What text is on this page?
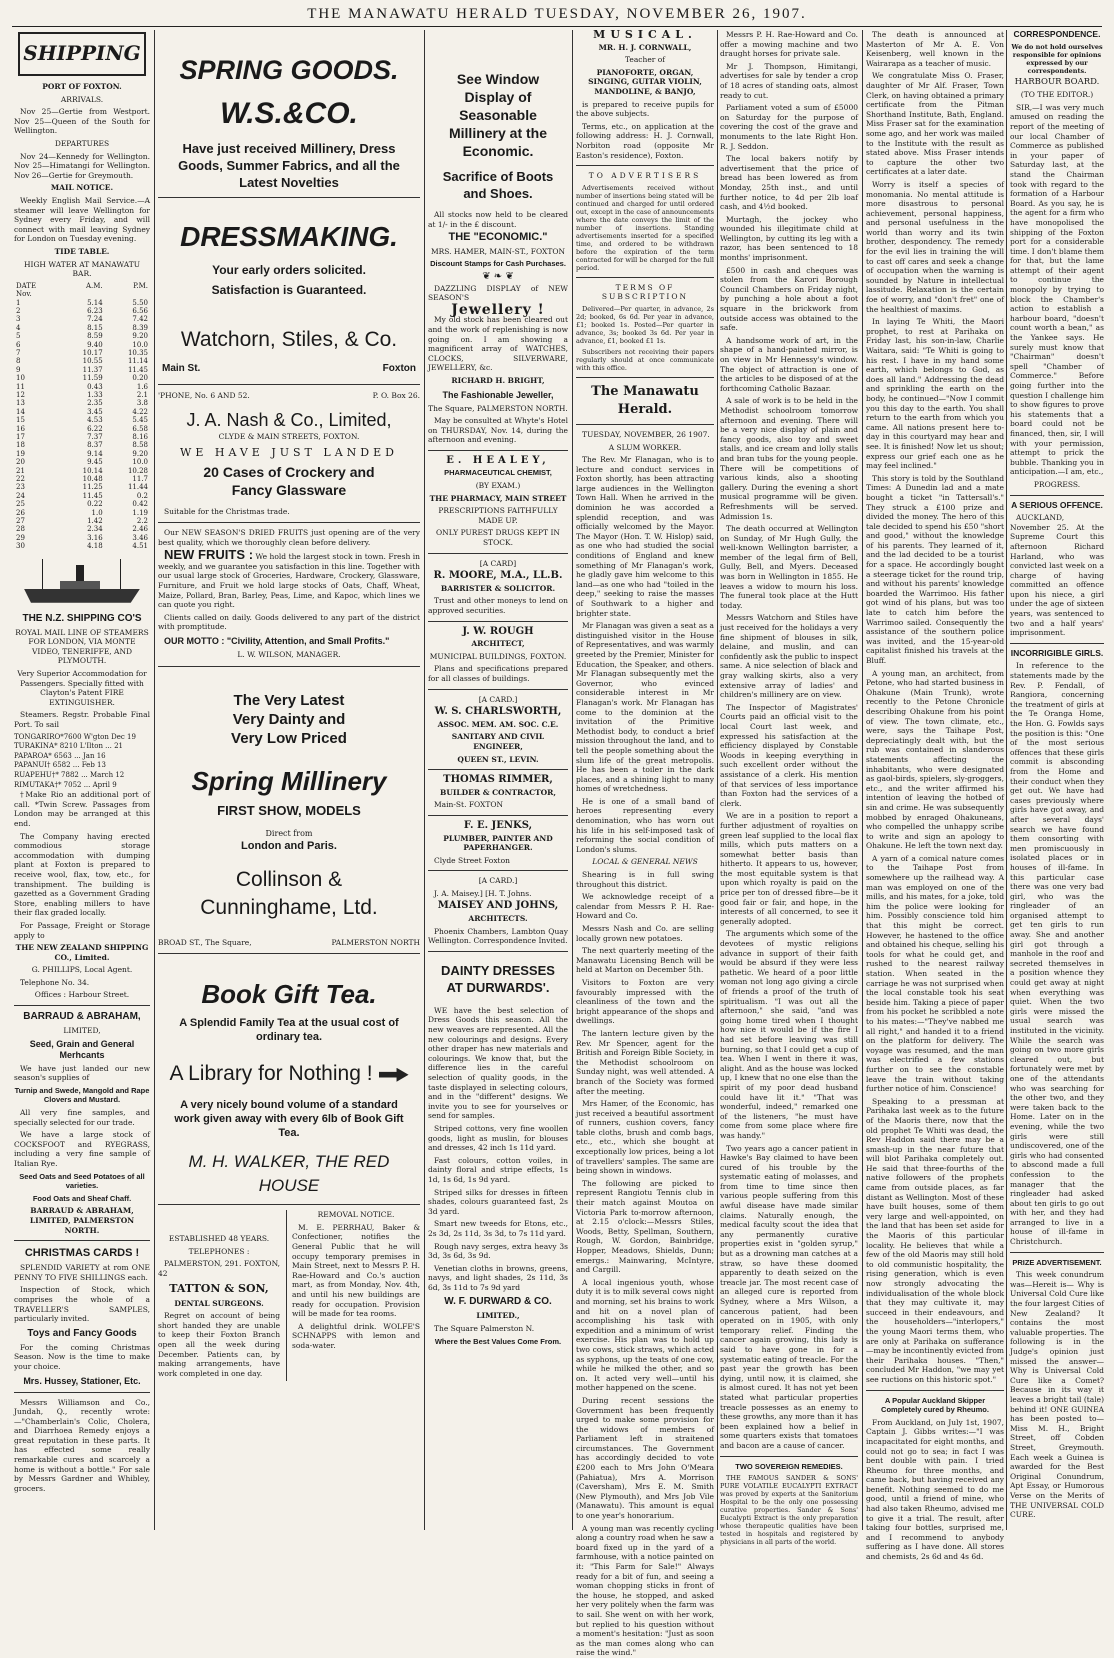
THE MANAWATU HERALD TUESDAY, NOVEMBER 26, 1907.
SHIPPING

PORT OF FOXTON.

ARRIVALS.

Nov 25—Gertie from Westport. Nov 25—Queen of the South for Wellington.

DEPARTURES

Nov 24—Kennedy for Wellington. Nov 25—Himatangi for Wellington. Nov 26—Gertie for Greymouth.

MAIL NOTICE.

Weekly English Mail Service.—A steamer will leave Wellington for Sydney every Friday, and will connect with mail leaving Sydney for London on Tuesday evening.

TIDE TABLE.

HIGH WATER AT MANAWATU BAR.

DATE	A.M.	P.M.
Nov.		
1	5.14	5.50
2	6.23	6.56
3	7.24	7.42
4	8.15	8.39
5	8.59	9.20
6	9.40	10.0
7	10.17	10.35
8	10.55	11.14
9	11.37	11.45
10	11.59	0.20
11	0.43	1.6
12	1.33	2.1
13	2.35	3.8
14	3.45	4.22
15	4.53	5.45
16	6.22	6.58
17	7.37	8.16
18	8.37	8.58
19	9.14	9.20
20	9.45	10.0
21	10.14	10.28
22	10.48	11.7
23	11.25	11.44
24	11.45	0.2
25	0.22	0.42
26	1.0	1.19
27	1.42	2.2
28	2.34	2.46
29	3.16	3.46
30	4.18	4.51

THE N.Z. SHIPPING CO'S

ROYAL MAIL LINE OF STEAMERS FOR LONDON, VIA MONTE VIDEO, TENERIFFE, AND PLYMOUTH.

Very Superior Accommodation for Passengers. Specially fitted with Clayton's Patent FIRE EXTINGUISHER.

Steamers. Regstr. Probable Final Port. To sail

TONGARIRO*7600 W'gton Dec 19
TURAKINA* 8210 L'Ilton ... 21
PAPAROA* 6563 ... Jan 16
PAPANUI† 6582 ... Feb 13
RUAPEHU†* 7882 ... March 12
RIMUTAKA†* 7052 ... April 9

†Make Rio an additional port of call. *Twin Screw. Passages from London may be arranged at this end.

The Company having erected commodious storage accommodation with dumping plant at Foxton is prepared to receive wool, flax, tow, etc., for transhipment. The building is gazetted as a Government Grading Store, enabling millers to have their flax graded locally.

For Passage, Freight or Storage apply to

THE NEW ZEALAND SHIPPING CO., Limited.

G. PHILLIPS, Local Agent.

Telephone No. 34.

Offices : Harbour Street.

BARRAUD & ABRAHAM,

LIMITED,

Seed, Grain and General Merhcants

We have just landed our new season's supplies of

Turnip and Swede, Mangold and Rape Clovers and Mustard.

All very fine samples, and specially selected for our trade.

We have a large stock of COCKSFOOT and RYEGRASS, including a very fine sample of Italian Rye.

Seed Oats and Seed Potatoes of all varieties.

Food Oats and Sheaf Chaff.

BARRAUD & ABRAHAM, LIMITED, PALMERSTON NORTH.

CHRISTMAS CARDS !

SPLENDID VARIETY at rom ONE PENNY TO FIVE SHILLINGS each.

Inspection of Stock, which comprises the whole of a TRAVELLER'S SAMPLES, particularly invited.

Toys and Fancy Goods

For the coming Christmas Season. Now is the time to make your choice.

Mrs. Hussey, Stationer, Etc.

Messrs Williamson and Co., Jundah, Q., recently wrote:—"Chamberlain's Colic, Cholera, and Diarrhoea Remedy enjoys a great reputation in these parts. It has effected some really remarkable cures and scarcely a home is without a bottle." For sale by Messrs Gardner and Whibley, grocers.

SPRING GOODS.
W.S.&CO.
Have just received Millinery, Dress Goods, Summer Fabrics, and all the Latest Novelties
DRESSMAKING.
Your early orders solicited.
Satisfaction is Guaranteed.
Watchorn, Stiles, & Co.
Main St.	Foxton
'PHONE, No. 6 AND 52.	P. O. Box 26.
J. A. Nash & Co., Limited,
CLYDE & MAIN STREETS, FOXTON.
WE HAVE JUST LANDED
20 Cases of Crockery and Fancy Glassware

Suitable for the Christmas trade.

Our NEW SEASON'S DRIED FRUITS just opening are of the very best quality, which we thoroughly clean before delivery.

NEW FRUITS : We hold the largest stock in town. Fresh in weekly, and we guarantee you satisfaction in this line. Together with our usual large stock of Groceries, Hardware, Crockery, Glassware, Furniture, and Fruit we hold large stocks of Oats, Chaff, Wheat, Maize, Pollard, Bran, Barley, Peas, Lime, and Kapoc, which lines we can quote you right.

Clients called on daily. Goods delivered to any part of the district with promptitude.

OUR MOTTO : "Civility, Attention, and Small Profits."

L. W. WILSON, MANAGER.

The Very Latest
Very Dainty and
Very Low Priced
Spring Millinery
FIRST SHOW, MODELS
Direct from
London and Paris.
Collinson &
Cunninghame, Ltd.
BROAD ST., The Square,	PALMERSTON NORTH
Book Gift Tea.
A Splendid Family Tea at the usual cost of ordinary tea.
A Library for Nothing !
A very nicely bound volume of a standard work given away with every 6lb of Book Gift Tea.
M. H. WALKER, THE RED HOUSE

ESTABLISHED 48 YEARS.

TELEPHONES :

PALMERSTON, 291. FOXTON, 42

TATTON & SON,

DENTAL SURGEONS.

Regret on account of being short handed they are unable to keep their Foxton Branch open all the week during December. Patients can, by making arrangements, have work completed in one day.

REMOVAL NOTICE.

M. E. PERRHAU, Baker & Confectioner, notifies the General Public that he will occupy temporary premises in Main Street, next to Messrs P. H. Rae-Howard and Co.'s auction mart, as from Monday, Nov. 4th, and until his new buildings are ready for occupation. Provision will be made for tea rooms.

A delightful drink. WOLFE'S SCHNAPPS with lemon and soda-water.

See Window Display of Seasonable Millinery at the Economic.
Sacrifice of Boots and Shoes.

All stocks now held to be cleared at 1/- in the £ discount.

THE "ECONOMIC."

MRS. HAMER, MAIN-ST., FOXTON

Discount Stamps for Cash Purchases.

❦ ❧ ❦

DAZZLING DISPLAY of NEW SEASON'S

Jewellery !

My old stock has been cleared out and the work of replenishing is now going on. I am showing a magnificent array of WATCHES, CLOCKS, SILVERWARE, JEWELLERY, &c.

RICHARD H. BRIGHT,

The Fashionable Jeweller,

The Square, PALMERSTON NORTH.

May be consulted at Whyte's Hotel on THURSDAY, Nov. 14, during the afternoon and evening.

E. HEALEY,

PHARMACEUTICAL CHEMIST,

(BY EXAM.)

THE PHARMACY, MAIN STREET

PRESCRIPTIONS FAITHFULLY MADE UP.

ONLY PUREST DRUGS KEPT IN STOCK.

[A CARD]

R. MOORE, M.A., LL.B.

BARRISTER & SOLICITOR.

Trust and other moneys to lend on approved securities.

J. W. ROUGH

ARCHITECT,

MUNICIPAL BUILDINGS, FOXTON.

Plans and specifications prepared for all classes of buildings.

[A CARD.]

W. S. CHARLSWORTH,

ASSOC. MEM. AM. SOC. C.E.

SANITARY AND CIVIL ENGINEER,

QUEEN ST., LEVIN.

THOMAS RIMMER,

BUILDER & CONTRACTOR,

Main-St. FOXTON

F. E. JENKS,

PLUMBER, PAINTER AND PAPERHANGER.

Clyde Street Foxton

[A CARD.]

J. A. Maisey.] [H. T. Johns.

MAISEY AND JOHNS,

ARCHITECTS.

Phoenix Chambers, Lambton Quay Wellington. Correspondence Invited.

DAINTY DRESSES AT DURWARDS'.

WE have the best selection of Dress Goods this season. All the new weaves are represented. All the new colourings and designs. Every other draper has new materials and colourings. We know that, but the difference lies in the careful selection of quality goods, in the taste displayed in selecting colours, and in the "different" designs. We invite you to see for yourselves or send for samples.

Striped cottons, very fine woollen goods, light as muslin, for blouses and dresses, 42 inch 1s 11d yard.

Fast colours, cotton voiles, in dainty floral and stripe effects, 1s 1d, 1s 6d, 1s 9d yard.

Striped silks for dresses in fifteen shades, colours guaranteed fast, 2s 3d yard.

Smart new tweeds for Etons, etc., 2s 3d, 2s 11d, 3s 3d, to 7s 11d yard.

Rough navy serges, extra heavy 3s 3d, 3s 6d, 3s 9d.

Venetian cloths in browns, greens, navys, and light shades, 2s 11d, 3s 6d, 3s 11d to 7s 9d yard

W. F. DURWARD & CO.

LIMITED.,

The Square Palmerston N.

Where the Best Values Come From.

MUSICAL.

MR. H. J. CORNWALL,

Teacher of

PIANOFORTE, ORGAN, SINGING, GUITAR VIOLIN, MANDOLINE, & BANJO,

is prepared to receive pupils for the above subjects.

Terms, etc., on application at the following address: H. J. Cornwall, Norbiton road (opposite Mr Easton's residence), Foxton.

TO ADVERTISERS

Advertisements received without number of insertions being stated will be continued and charged for until ordered out, except in the case of announcements where the date conveys the limit of the number of insertions. Standing advertisements inserted for a specified time, and ordered to be withdrawn before the expiration of the term contracted for will be charged for the full period.

TERMS OF SUBSCRIPTION

Delivered—Per quarter, in advance, 2s 2d; booked, 6s 6d. Per year in advance, £1; booked 1s. Posted—Per quarter in advance, 3s; booked 3s 6d. Per year in advance, £1, booked £1 1s.

Subscribers not receiving their papers regularly should at once communicate with this office.

The Manawatu Herald.

TUESDAY, NOVEMBER, 26 1907.

A SLUM WORKER.

The Rev. Mr Flanagan, who is to lecture and conduct services in Foxton shortly, has been attracting large audiences in the Wellington Town Hall. When he arrived in the dominion he was accorded a splendid reception, and was officially welcomed by the Mayor. The Mayor (Hon. T. W. Hislop) said, as one who had studied the social conditions of England and knew something of Mr Flanagan's work, he gladly gave him welcome to this land—as one who had "toiled in the deep," seeking to raise the masses of Southwark to a higher and brighter state.

Mr Flanagan was given a seat as a distinguished visitor in the House of Representatives, and was warmly greeted by the Premier, Minister for Education, the Speaker, and others. Mr Flanagan subsequently met the Governor, who evinced considerable interest in Mr Flanagan's work. Mr Flanagan has come to the dominion at the invitation of the Primitive Methodist body, to conduct a brief mission throughout the land, and to tell the people something about the slum life of the great metropolis. He has been a toiler in the dark places, and a shining light to many homes of wretchedness.

He is one of a small band of heroes representing every denomination, who has worn out his life in his self-imposed task of reforming the social condition of London's slums.

LOCAL & GENERAL NEWS

Shearing is in full swing throughout this district.

We acknowledge receipt of a calendar from Messrs P. H. Rae-Howard and Co.

Messrs Nash and Co. are selling locally grown new potatoes.

The next quarterly meeting of the Manawatu Licensing Bench will be held at Marton on December 5th.

Visitors to Foxton are very favourably impressed with the cleanliness of the town and the bright appearance of the shops and dwellings.

The lantern lecture given by the Rev. Mr Spencer, agent for the British and Foreign Bible Society, in the Methodist schoolroom on Sunday night, was well attended. A branch of the Society was formed after the meeting.

Mrs Hamer, of the Economic, has just received a beautiful assortment of runners, cushion covers, fancy table cloths, brush and comb bags, etc., etc., which she bought at exceptionally low prices, being a lot of travellers' samples. The same are being shown in windows.

The following are picked to represent Rangiotu Tennis club in their match against Moutoa on Victoria Park to-morrow afternoon, at 2.15 o'clock:—Messrs Stiles, Woods, Betty, Spellman, Southern, Rough, W. Gordon, Bainbridge, Hopper, Meadows, Shields, Dunn; emergs.: Mainwaring, McIntyre, and Cargill.

A local ingenious youth, whose duty it is to milk several cows night and morning, set his brains to work and hit on a novel plan of accomplishing his task with expedition and a minimum of wrist exercise. His plan was to hold up two cows, stick straws, which acted as syphons, up the teats of one cow, while he milked the other, and so on. It acted very well—until his mother happened on the scene.

During recent sessions the Government has been frequently urged to make some provision for the widows of members of Parliament left in straitened circumstances. The Government has accordingly decided to vote £200 each to Mrs John O'Meara (Pahiatua), Mrs A. Morrison (Caversham), Mrs E. M. Smith (New Plymouth), and Mrs Job Vile (Manawatu). This amount is equal to one year's honorarium.

A young man was recently cycling along a country road when he saw a board fixed up in the yard of a farmhouse, with a notice painted on it: "This Farm for Sale!" Always ready for a bit of fun, and seeing a woman chopping sticks in front of the house, he stopped, and asked her very politely when the farm was to sail. She went on with her work, but replied to his question without a moment's hesitation: "Just as soon as the man comes along who can raise the wind."

Messrs P. H. Rae-Howard and Co. offer a mowing machine and two draught horses for private sale.

Mr J. Thompson, Himitangi, advertises for sale by tender a crop of 18 acres of standing oats, almost ready to cut.

Parliament voted a sum of £5000 on Saturday for the purpose of covering the cost of the grave and monuments to the late Right Hon. R. J. Seddon.

The local bakers notify by advertisement that the price of bread has been lowered as from Monday, 25th inst., and until further notice, to 4d per 2lb loaf cash, and 4½d booked.

Murtagh, the jockey who wounded his illegitimate child at Wellington, by cutting its leg with a razor, has been sentenced to 18 months' imprisonment.

£500 in cash and cheques was stolen from the Karori Borough Council Chambers on Friday night, by punching a hole about a foot square in the brickwork from outside access was obtained to the safe.

A handsome work of art, in the shape of a hand-painted mirror, is on view in Mr Hennessy's window. The object of attraction is one of the articles to be disposed of at the forthcoming Catholic Bazaar.

A sale of work is to be held in the Methodist schoolroom tomorrow afternoon and evening. There will be a very nice display of plain and fancy goods, also toy and sweet stalls, and ice cream and lolly stalls and bran tubs for the young people. There will be competitions of various kinds, also a shooting gallery. During the evening a short musical programme will be given. Refreshments will be served. Admission 1s.

The death occurred at Wellington on Sunday, of Mr Hugh Gully, the well-known Wellington barrister, a member of the legal firm of Bell, Gully, Bell, and Myers. Deceased was born in Wellington in 1855. He leaves a widow to mourn his loss. The funeral took place at the Hutt today.

Messrs Watchorn and Stiles have just received for the holidays a very fine shipment of blouses in silk, delaine, and muslin, and can confidently ask the public to inspect same. A nice selection of black and gray walking skirts, also a very extensive array of ladies' and children's millinery are on view.

The Inspector of Magistrates' Courts paid an official visit to the local Court last week, and expressed his satisfaction at the efficiency displayed by Constable Woods in keeping everything in such excellent order without the assistance of a clerk. His mention of that services of less importance than Foxton had the services of a clerk.

We are in a position to report a further adjustment of royalties on green leaf supplied to the local flax mills, which puts matters on a somewhat better basis than hitherto. It appears to us, however, the most equitable system is that upon which royalty is paid on the price per ton of dressed fibre—be it good fair or fair, and hope, in the interests of all concerned, to see it generally adopted.

The arguments which some of the devotees of mystic religions advance in support of their faith would be absurd if they were less pathetic. We heard of a poor little woman not long ago giving a circle of friends a proof of the truth of spiritualism. "I was out all the afternoon," she said, "and was going home tired when I thought how nice it would be if the fire I had set before leaving was still burning, so that I could get a cup of tea. When I went in there it was, alight. And as the house was locked up, I knew that no one else than the spirit of my poor dead husband could have lit it." "That was wonderful, indeed," remarked one of the listeners, "he must have come from some place where fire was handy."

Two years ago a cancer patient in Hawke's Bay claimed to have been cured of his trouble by the systematic eating of molasses, and from time to time since then various people suffering from this awful disease have made similar claims. Naturally enough, the medical faculty scout the idea that any permanently curative properties exist in "golden syrup," but as a drowning man catches at a straw, so have these doomed apparently to death seized on the treacle jar. The most recent case of an alleged cure is reported from Sydney, where a Mrs Wilson, a cancerous patient, had been operated on in 1905, with only temporary relief. Finding the cancer again growing, this lady is said to have gone in for a systematic eating of treacle. For the past year the growth has been dying, until now, it is claimed, she is almost cured. It has not yet been stated what particular properties treacle possesses as an enemy to these growths, any more than it has been explained how a belief in some quarters exists that tomatoes and bacon are a cause of cancer.

TWO SOVEREIGN REMEDIES.

THE FAMOUS SANDER & SONS' PURE VOLATILE EUCALYPTI EXTRACT was proved by experts at the Sanitorium Hospital to be the only one possessing curative properties. Sander & Sons' Eucalypti Extract is the only preparation whose therapeutic qualities have been tested in hospitals and registered by physicians in all parts of the world.

The death is announced at Masterton of Mr A. E. Von Keisenberg, well known in the Wairarapa as a teacher of music.

We congratulate Miss O. Fraser, daughter of Mr Alf. Fraser, Town Clerk, on having obtained a primary certificate from the Pitman Shorthand Institute, Bath, England. Miss Fraser sat for the examination some ago, and her work was mailed to the Institute with the result as stated above. Miss Fraser intends to capture the other two certificates at a later date.

Worry is itself a species of monomania. No mental attitude is more disastrous to personal achievement, personal happiness, and personal usefulness in the world than worry and its twin brother, despondency. The remedy for the evil lies in training the will to cast off cares and seek a change of occupation when the warning is sounded by Nature in intellectual lassitude. Relaxation is the certain foe of worry, and "don't fret" one of the healthiest of maxims.

In laying Te Whiti, the Maori prophet, to rest at Parihaka on Friday last, his son-in-law, Charlie Waitara, said: "Te Whiti is going to his rest. I have in my hand some earth, which belongs to God, as does all land." Addressing the dead and sprinkling the earth on the body, he continued—"Now I commit you this day to the earth. You shall return to the earth from which you came. All nations present here to-day in this courtyard may hear and see. It is finished! Now let us shout; express our grief each one as he may feel inclined."

This story is told by the Southland Times: A Dunedin lad and a mate bought a ticket "in Tattersall's." They struck a £100 prize and divided the money. The hero of this tale decided to spend his £50 "short and good," without the knowledge of his parents. They learned of it, and the lad decided to be a tourist for a space. He accordingly bought a steerage ticket for the round trip, and without his parents' knowledge boarded the Warrimoo. His father got wind of his plans, but was too late to catch him before the Warrimoo sailed. Consequently the assistance of the southern police was invited, and the 15-year-old capitalist finished his travels at the Bluff.

A young man, an architect, from Petone, who had started business in Ohakune (Main Trunk), wrote recently to the Petone Chronicle describing Ohakune from his point of view. The town climate, etc., were, says the Taihape Post, depreciatingly dealt with, but the rub was contained in slanderous statements affecting the inhabitants, who were designated as gaol-birds, spielers, sly-groggers, etc., and the writer affirmed his intention of leaving the hotbed of sin and crime. He was subsequently mobbed by enraged Ohakuneans, who compelled the unhappy scribe to write and sign an apology to Ohakune. He left the town next day.

A yarn of a comical nature comes to the Taihape Post from somewhere up the railhead way. A man was employed on one of the mills, and his mates, for a joke, told him the police were looking for him. Possibly conscience told him that this might be correct. However, he hastened to the office and obtained his cheque, selling his tools for what he could get, and rushed to the nearest railway station. When seated in the carriage he was not surprised when the local constable took his seat beside him. Taking a piece of paper from his pocket he scribbled a note to his mates:—"They've nabbed me all right," and handed it to a friend on the platform for delivery. The voyage was resumed, and the man was electrified a few stations further on to see the constable leave the train without taking further notice of him. Conscience!

Speaking to a pressman at Parihaka last week as to the future of the Maoris there, now that the old prophet Te Whiti was dead, the Rev Haddon said there may be a smash-up in the near future that will blot Parihaka completely out. He said that three-fourths of the native followers of the prophets came from outside places, as far distant as Wellington. Most of these have built houses, some of them very large and well-appointed, on the land that has been set aside for the Maoris of this particular locality. He believes that while a few of the old Maoris may still hold to old communistic hospitality, the rising generation, which is even now strongly advocating the individualisation of the whole block that they may cultivate it, may succeed in their endeavours, and the householders—"interlopers," the young Maori terms them, who are only at Parihaka on sufferance—may be incontinently evicted from their Parihaka houses. "Then," concluded Mr Haddon, "we may yet see ructions on this historic spot."

A Popular Auckland Skipper Completely cured by Rheumo.

From Auckland, on July 1st, 1907, Captain J. Gibbs writes:—"I was incapacitated for eight months, and could not go to sea; in fact I was bent double with pain. I tried Rheumo for three months, and came back, but having received any benefit. Nothing seemed to do me good, until a friend of mine, who had also taken Rheumo, advised me to give it a trial. The result, after taking four bottles, surprised me, and I recommend to anybody suffering as I have done. All stores and chemists, 2s 6d and 4s 6d.

CORRESPONDENCE.

We do not hold ourselves responsible for opinions expressed by our correspondents.

HARBOUR BOARD.

(TO THE EDITOR.)

SIR,—I was very much amused on reading the report of the meeting of our local Chamber of Commerce as published in your paper of Saturday last, at the stand the Chairman took with regard to the formation of a Harbour Board. As you say, he is the agent for a firm who have monopolised the shipping of the Foxton port for a considerable time. I don't blame them for that, but the lame attempt of their agent to continue the monopoly by trying to block the Chamber's action to establish a harbour board, "doesn't count worth a bean," as the Yankee says. He surely must know that "Chairman" doesn't spell "Chamber of Commerce." Before going further into the question I challenge him to show figures to prove his statements that a board could not be financed, then, sir, I will with your permission, attempt to prick the bubble. Thanking you in anticipation.—I am, etc.,

PROGRESS.

A SERIOUS OFFENCE.

AUCKLAND, November 25. At the Supreme Court this afternoon Richard Harland, who was convicted last week on a charge of having committed an offence upon his niece, a girl under the age of sixteen years, was sentenced to two and a half years' imprisonment.

INCORRIGIBLE GIRLS.

In reference to the statements made by the Rev. P. Fendall, of Rangiora, concerning the treatment of girls at the Te Oranga Home, the Hon. G. Fowlds says the position is this: "One of the most serious offences that these girls commit is absconding from the Home and their conduct when they get out. We have had cases previously where girls have got away, and after several days' search we have found them consorting with men promiscuously in isolated places or in houses of ill-fame. In this particular case there was one very bad girl, who was the ringleader of an organised attempt to get ten girls to run away. She and another girl got through a manhole in the roof and secreted themselves in a position whence they could get away at night when everything was quiet. When the two girls were missed the usual search was instituted in the vicinity. While the search was going on two more girls cleared out, but fortunately were met by one of the attendants who was searching for the other two, and they were taken back to the Home. Later on in the evening, while the two girls were still undiscovered, one of the girls who had consented to abscond made a full confession to the manager that the ringleader had asked about ten girls to go out with her, and they had arranged to live in a house of ill-fame in Christchurch.

PRIZE ADVERTISEMENT.

This week conundrum was—Hereit is— Why is Universal Cold Cure like the four largest Cities of New Zealand? It contains the most valuable properties. The following is in the Judge's opinion just missed the answer— Why is Universal Cold Cure like a Comet? Because in its way it leaves a bright tail (tale) behind it! ONE GUINEA has been posted to—Miss M. H., Bright Street, off Cobden Street, Greymouth. Each week a Guinea is awarded for the Best Original Conundrum, Apt Essay, or Humorous Verse on the Merits of THE UNIVERSAL COLD CURE.
